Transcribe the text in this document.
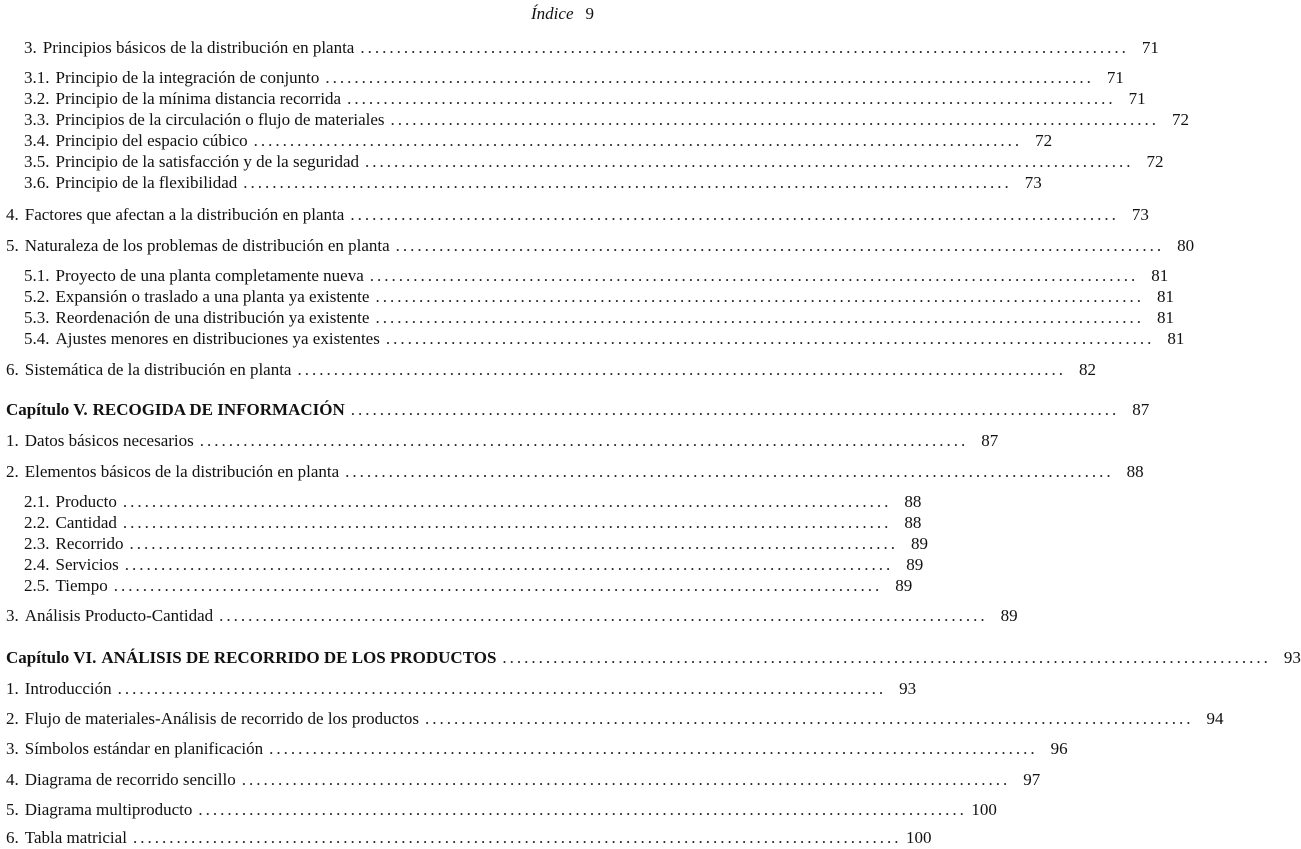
Índice 9
3. Principios básicos de la distribución en planta .......................................................................................................... 71
3.1. Principio de la integración de conjunto .......................................................................................................... 71
3.2. Principio de la mínima distancia recorrida .......................................................................................................... 71
3.3. Principios de la circulación o flujo de materiales .......................................................................................................... 72
3.4. Principio del espacio cúbico .......................................................................................................... 72
3.5. Principio de la satisfacción y de la seguridad .......................................................................................................... 72
3.6. Principio de la flexibilidad .......................................................................................................... 73
4. Factores que afectan a la distribución en planta .......................................................................................................... 73
5. Naturaleza de los problemas de distribución en planta .......................................................................................................... 80
5.1. Proyecto de una planta completamente nueva .......................................................................................................... 81
5.2. Expansión o traslado a una planta ya existente .......................................................................................................... 81
5.3. Reordenación de una distribución ya existente .......................................................................................................... 81
5.4. Ajustes menores en distribuciones ya existentes .......................................................................................................... 81
6. Sistemática de la distribución en planta .......................................................................................................... 82
Capítulo V. RECOGIDA DE INFORMACIÓN .......................................................................................................... 87
1. Datos básicos necesarios .......................................................................................................... 87
2. Elementos básicos de la distribución en planta .......................................................................................................... 88
2.1. Producto .......................................................................................................... 88
2.2. Cantidad .......................................................................................................... 88
2.3. Recorrido .......................................................................................................... 89
2.4. Servicios .......................................................................................................... 89
2.5. Tiempo .......................................................................................................... 89
3. Análisis Producto-Cantidad .......................................................................................................... 89
Capítulo VI. ANÁLISIS DE RECORRIDO DE LOS PRODUCTOS .......................................................................................................... 93
1. Introducción .......................................................................................................... 93
2. Flujo de materiales-Análisis de recorrido de los productos .......................................................................................................... 94
3. Símbolos estándar en planificación .......................................................................................................... 96
4. Diagrama de recorrido sencillo .......................................................................................................... 97
5. Diagrama multiproducto .......................................................................................................... 100
6. Tabla matricial .......................................................................................................... 100
